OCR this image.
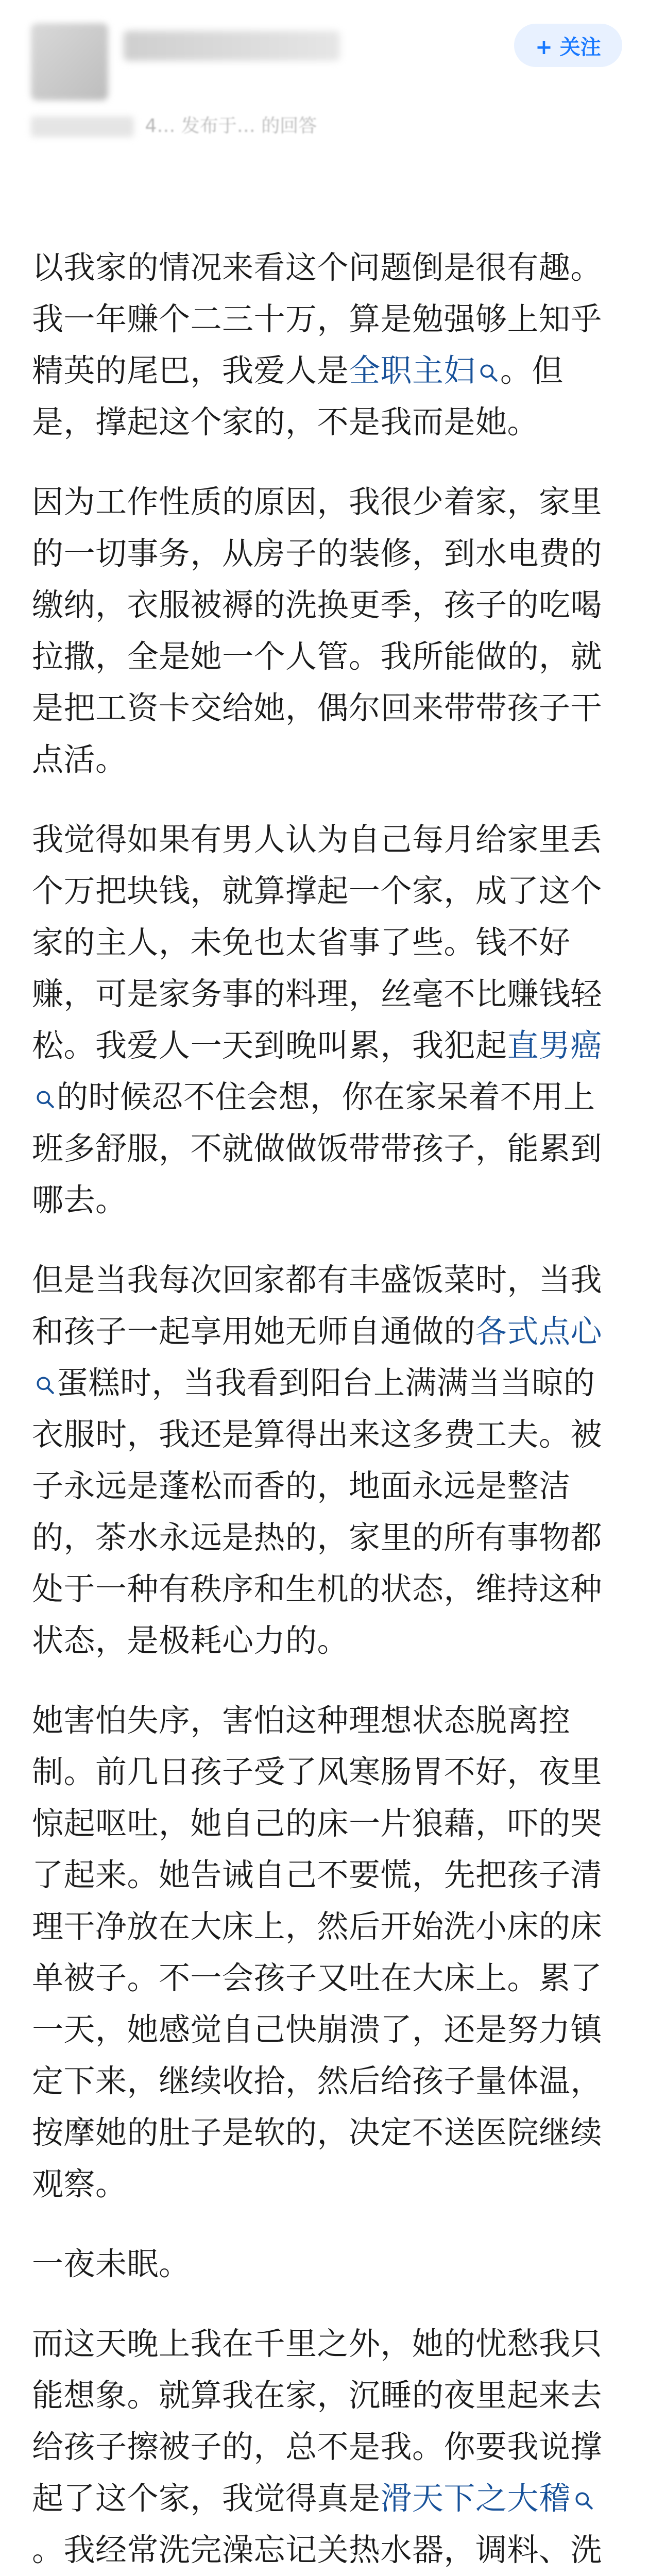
4… 发布于… 的回答
+ 关注

以我家的情况来看这个问题倒是很有趣。我一年赚个二三十万，算是勉强够上知乎精英的尾巴，我爱人是全职主妇 。但是，撑起这个家的，不是我而是她。

因为工作性质的原因，我很少着家，家里的一切事务，从房子的装修，到水电费的缴纳，衣服被褥的洗换更季，孩子的吃喝拉撒，全是她一个人管。我所能做的，就是把工资卡交给她，偶尔回来带带孩子干点活。

我觉得如果有男人认为自己每月给家里丢个万把块钱，就算撑起一个家，成了这个家的主人，未免也太省事了些。钱不好赚，可是家务事的料理，丝毫不比赚钱轻松。我爱人一天到晚叫累，我犯起直男癌的时候忍不住会想，你在家呆着不用上班多舒服，不就做做饭带带孩子，能累到哪去。

但是当我每次回家都有丰盛饭菜时，当我和孩子一起享用她无师自通做的各式点心蛋糕时，当我看到阳台上满满当当晾的衣服时，我还是算得出来这多费工夫。被子永远是蓬松而香的，地面永远是整洁的，茶水永远是热的，家里的所有事物都处于一种有秩序和生机的状态，维持这种状态，是极耗心力的。

她害怕失序，害怕这种理想状态脱离控制。前几日孩子受了风寒肠胃不好，夜里惊起呕吐，她自己的床一片狼藉，吓的哭了起来。她告诫自己不要慌，先把孩子清理干净放在大床上，然后开始洗小床的床单被子。不一会孩子又吐在大床上。累了一天，她感觉自己快崩溃了，还是努力镇定下来，继续收拾，然后给孩子量体温，按摩她的肚子是软的，决定不送医院继续观察。

一夜未眠。

而这天晚上我在千里之外，她的忧愁我只能想象。就算我在家，沉睡的夜里起来去给孩子擦被子的，总不是我。你要我说撑起了这个家，我觉得真是滑天下之大稽。我经常洗完澡忘记关热水器，调料、洗
